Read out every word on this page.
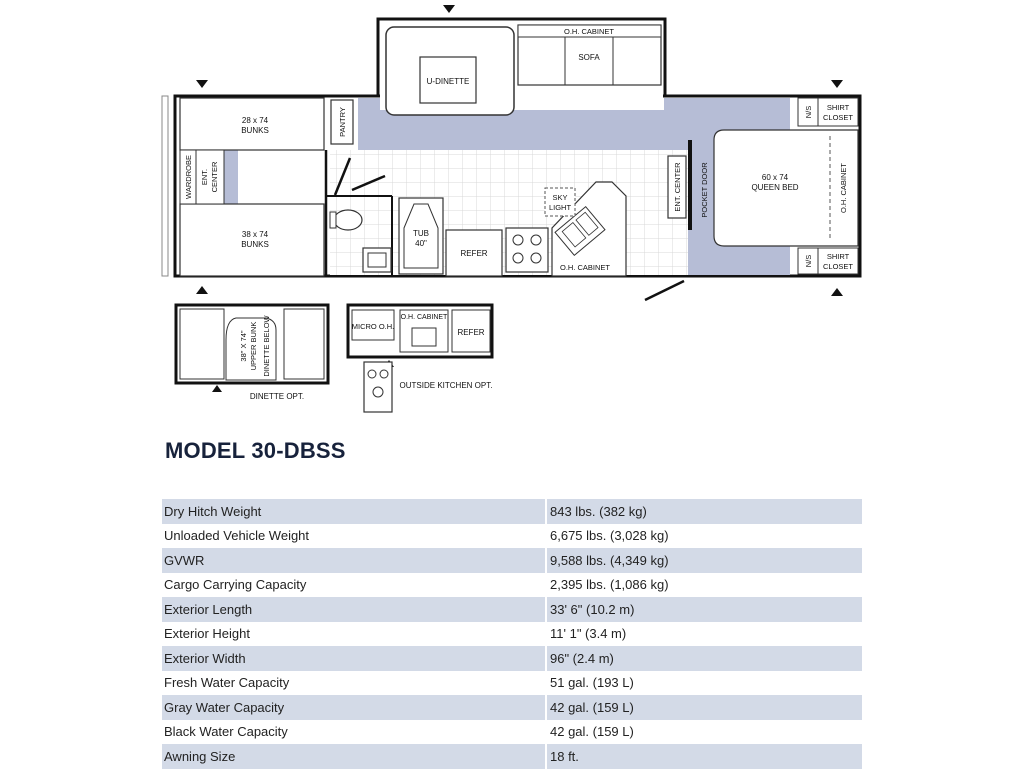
U-DINETTE
O.H. CABINET
SOFA
28 x 74
BUNKS
38 x 74
BUNKS
WARDROBE ENT. CENTER
PANTRY
TUB
40"
REFER
SKY
LIGHT
O.H. CABINET
ENT. CENTER POCKET DOOR	60 x 74
QUEEN BED	O.H. CABINET
N/S SHIRT
CLOSET
N/S SHIRT
CLOSET
38" X 74" UPPER BUNK DINETTE BELOW
DINETTE OPT.
MICRO O.H.
O.H. CABINET
REFER
OUTSIDE KITCHEN OPT.
MODEL 30-DBSS
Dry Hitch Weight	843 lbs. (382 kg)
Unloaded Vehicle Weight	6,675 lbs. (3,028 kg)
GVWR	9,588 lbs. (4,349 kg)
Cargo Carrying Capacity	2,395 lbs. (1,086 kg)
Exterior Length	33' 6" (10.2 m)
Exterior Height	11' 1" (3.4 m)
Exterior Width	96" (2.4 m)
Fresh Water Capacity	51 gal. (193 L)
Gray Water Capacity	42 gal. (159 L)
Black Water Capacity	42 gal. (159 L)
Awning Size	18 ft.
